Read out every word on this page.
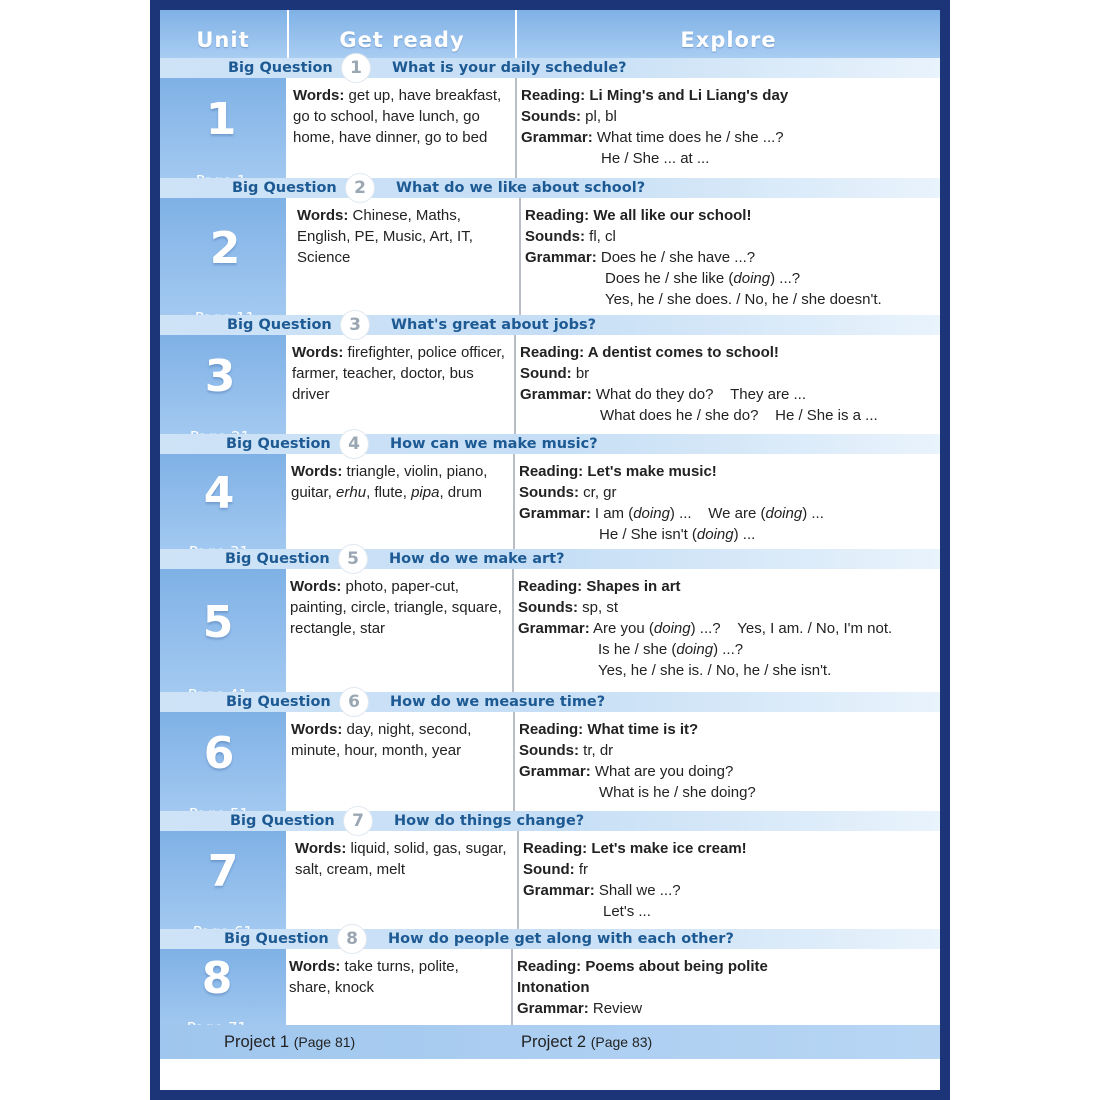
Unit	Get ready	Explore
Big Question	1	What is your daily schedule?
1	Words: get up, have breakfast, go to school, have lunch, go home, have dinner, go to bed
Reading: Li Ming's and Li Liang's day
Sounds: pl, bl
Grammar: What time does he / she ...?
He / She ... at ...
Big Question	2	What do we like about school?
2
Words: Chinese, Maths, English, PE, Music, Art, IT, Science
Reading: We all like our school!
Sounds: fl, cl
Grammar: Does he / she have ...?
Does he / she like (doing) ...?
Yes, he / she does. / No, he / she doesn't.
Big Question	3	What's great about jobs?
3	Words: firefighter, police officer, farmer, teacher, doctor, bus driver
Reading: A dentist comes to school!
Sound: br
Grammar: What do they do?    They are ...
What does he / she do?    He / She is a ...
Big Question	4	How can we make music?
4	Words: triangle, violin, piano, guitar, erhu, flute, pipa, drum
Reading: Let's make music!
Sounds: cr, gr
Grammar: I am (doing) ...    We are (doing) ...
He / She isn't (doing) ...
Big Question	5	How do we make art?
5
Words: photo, paper-cut, painting, circle, triangle, square, rectangle, star
Reading: Shapes in art
Sounds: sp, st
Grammar: Are you (doing) ...?    Yes, I am. / No, I'm not.
Is he / she (doing) ...?
Yes, he / she is. / No, he / she isn't.
Big Question	6	How do we measure time?
6	Words: day, night, second, minute, hour, month, year
Reading: What time is it?
Sounds: tr, dr
Grammar: What are you doing?
What is he / she doing?
Big Question	7	How do things change?
7	Words: liquid, solid, gas, sugar, salt, cream, melt
Reading: Let's make ice cream!
Sound: fr
Grammar: Shall we ...?
Let's ...
Big Question	8	How do people get along with each other?
8	Words: take turns, polite, share, knock
Reading: Poems about being polite
Intonation
Grammar: Review
Project 1 (Page 81)	Project 2 (Page 83)
